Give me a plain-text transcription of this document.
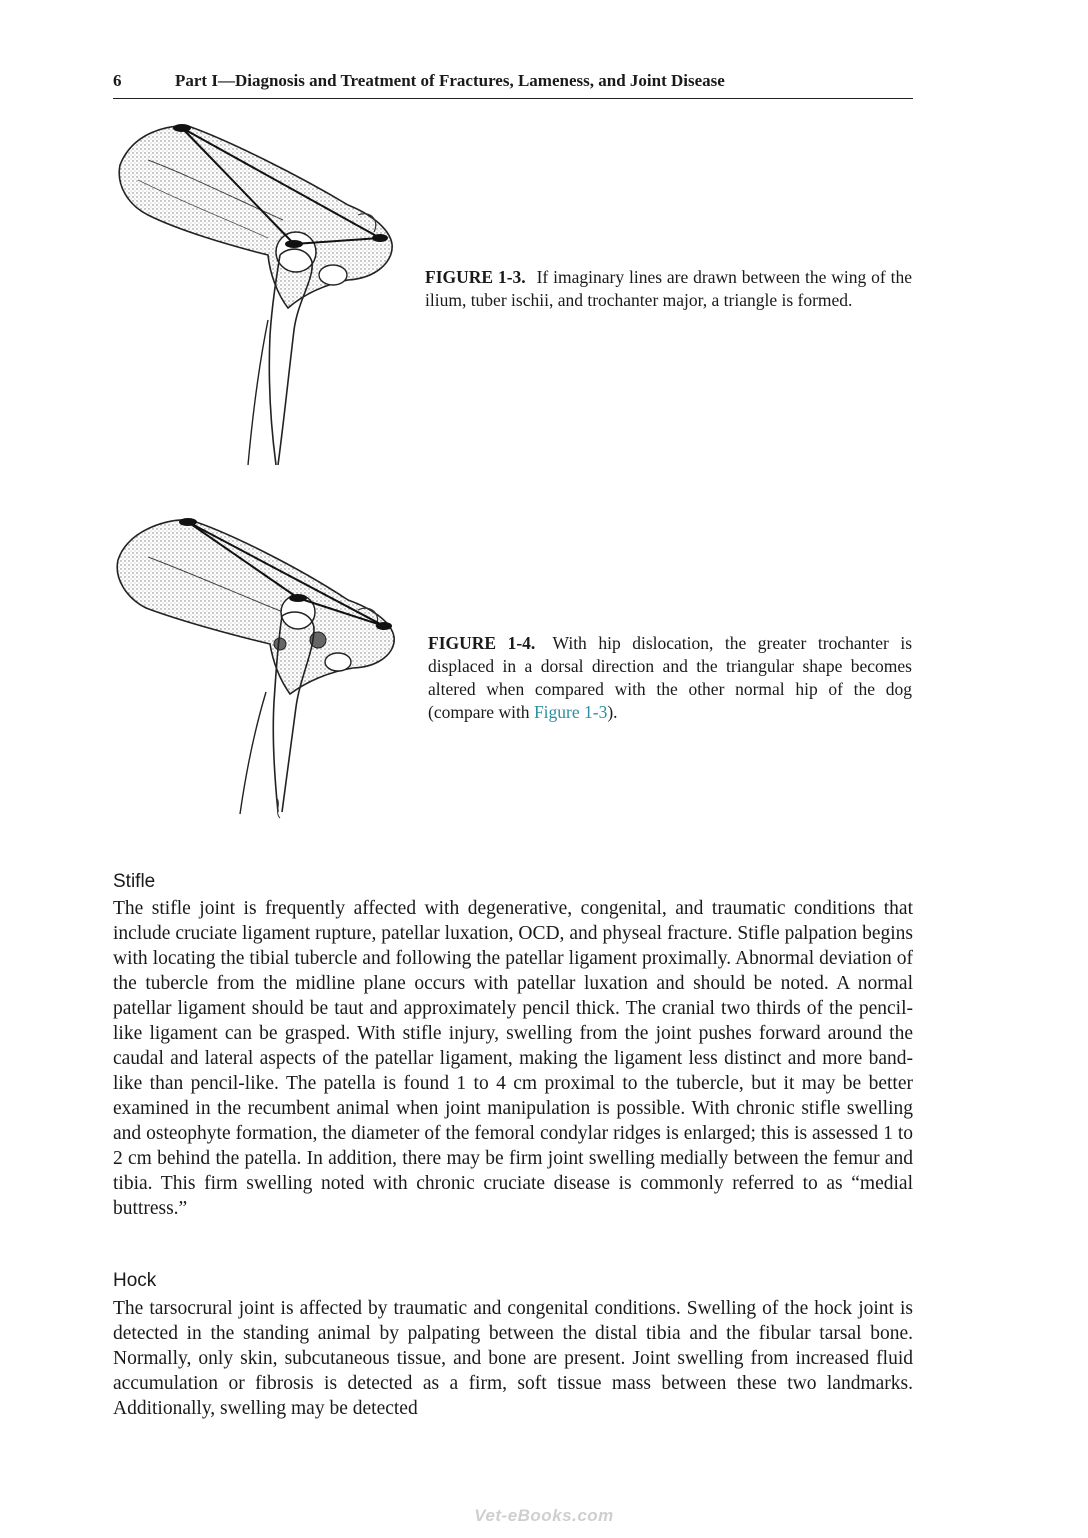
6	Part I—Diagnosis and Treatment of Fractures, Lameness, and Joint Disease
FIGURE 1-3. If imaginary lines are drawn between the wing of the ilium, tuber ischii, and trochanter major, a triangle is formed.
FIGURE 1-4. With hip dislocation, the greater trochanter is displaced in a dorsal direction and the triangular shape becomes altered when compared with the other normal hip of the dog (compare with Figure 1-3).
Stifle

The stifle joint is frequently affected with degenerative, congenital, and traumatic conditions that include cruciate ligament rupture, patellar luxation, OCD, and physeal fracture. Stifle palpation begins with locating the tibial tubercle and following the patellar ligament proximally. Abnormal deviation of the tubercle from the midline plane occurs with patellar luxation and should be noted. A normal patellar ligament should be taut and approximately pencil thick. The cranial two thirds of the pencil-like ligament can be grasped. With stifle injury, swelling from the joint pushes forward around the caudal and lateral aspects of the patellar ligament, making the ligament less distinct and more band-like than pencil-like. The patella is found 1 to 4 cm proximal to the tubercle, but it may be better examined in the recumbent animal when joint manipulation is possible. With chronic stifle swelling and osteophyte formation, the diameter of the femoral condylar ridges is enlarged; this is assessed 1 to 2 cm behind the patella. In addition, there may be firm joint swelling medially between the femur and tibia. This firm swelling noted with chronic cruciate disease is commonly referred to as “medial buttress.”

Hock

The tarsocrural joint is affected by traumatic and congenital conditions. Swelling of the hock joint is detected in the standing animal by palpating between the distal tibia and the fibular tarsal bone. Normally, only skin, subcutaneous tissue, and bone are present. Joint swelling from increased fluid accumulation or fibrosis is detected as a firm, soft tissue mass between these two landmarks. Additionally, swelling may be detected

Vet-eBooks.com
